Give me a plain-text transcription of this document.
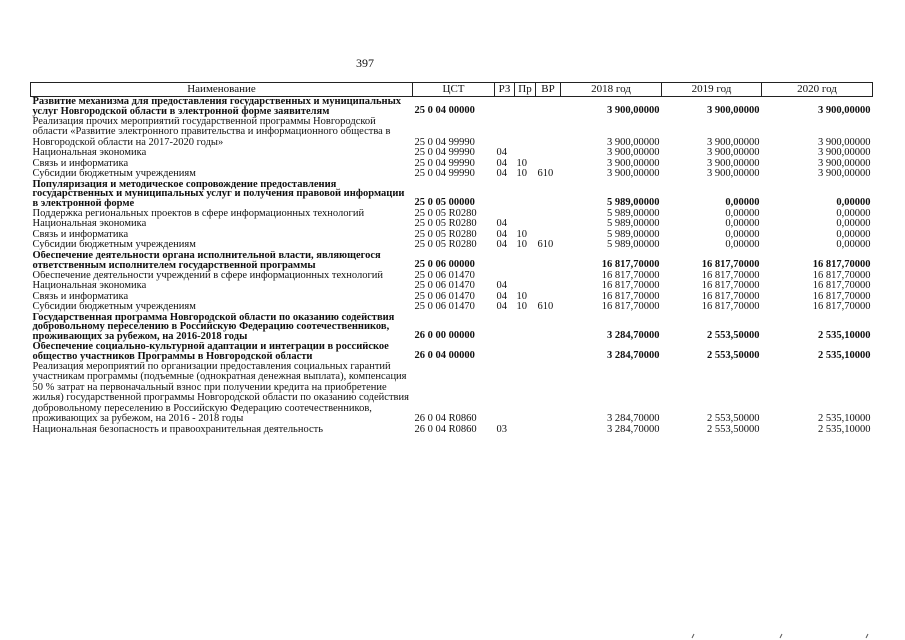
397
Наименование	ЦСТ	РЗ	Пр	ВР	2018 год	2019 год	2020 год
Развитие механизма для предоставления государственных и муниципальных услуг Новгородской области в электронной форме заявителям	25 0 04 00000				3 900,00000	3 900,00000	3 900,00000
Реализация прочих мероприятий государственной программы Новгородской области «Развитие электронного правительства и информационного общества в Новгородской области на 2017-2020 годы»	25 0 04 99990				3 900,00000	3 900,00000	3 900,00000
Национальная экономика	25 0 04 99990	04			3 900,00000	3 900,00000	3 900,00000
Связь и информатика	25 0 04 99990	04	10		3 900,00000	3 900,00000	3 900,00000
Субсидии бюджетным учреждениям	25 0 04 99990	04	10	610	3 900,00000	3 900,00000	3 900,00000
Популяризация и методическое сопровождение предоставления государственных и муниципальных услуг и получения правовой информации в электронной форме	25 0 05 00000				5 989,00000	0,00000	0,00000
Поддержка региональных проектов в сфере информационных технологий	25 0 05 R0280				5 989,00000	0,00000	0,00000
Национальная экономика	25 0 05 R0280	04			5 989,00000	0,00000	0,00000
Связь и информатика	25 0 05 R0280	04	10		5 989,00000	0,00000	0,00000
Субсидии бюджетным учреждениям	25 0 05 R0280	04	10	610	5 989,00000	0,00000	0,00000
Обеспечение деятельности органа исполнительной власти, являющегося ответственным исполнителем государственной программы	25 0 06 00000				16 817,70000	16 817,70000	16 817,70000
Обеспечение деятельности учреждений в сфере информационных технологий	25 0 06 01470				16 817,70000	16 817,70000	16 817,70000
Национальная экономика	25 0 06 01470	04			16 817,70000	16 817,70000	16 817,70000
Связь и информатика	25 0 06 01470	04	10		16 817,70000	16 817,70000	16 817,70000
Субсидии бюджетным учреждениям	25 0 06 01470	04	10	610	16 817,70000	16 817,70000	16 817,70000
Государственная программа Новгородской области по оказанию содействия добровольному переселению в Российскую Федерацию соотечественников, проживающих за рубежом, на 2016-2018 годы	26 0 00 00000				3 284,70000	2 553,50000	2 535,10000
Обеспечение социально-культурной адаптации и интеграции в российское общество участников Программы в Новгородской области	26 0 04 00000				3 284,70000	2 553,50000	2 535,10000
Реализация мероприятий по организации предоставления социальных гарантий участникам программы (подъемные (однократная денежная выплата), компенсация 50 % затрат на первоначальный взнос при получении кредита на приобретение жилья) государственной программы Новгородской области по оказанию содействия добровольному переселению в Российскую Федерацию соотечественников, проживающих за рубежом, на 2016 - 2018 годы	26 0 04 R0860				3 284,70000	2 553,50000	2 535,10000
Национальная безопасность и правоохранительная деятельность	26 0 04 R0860	03			3 284,70000	2 553,50000	2 535,10000
